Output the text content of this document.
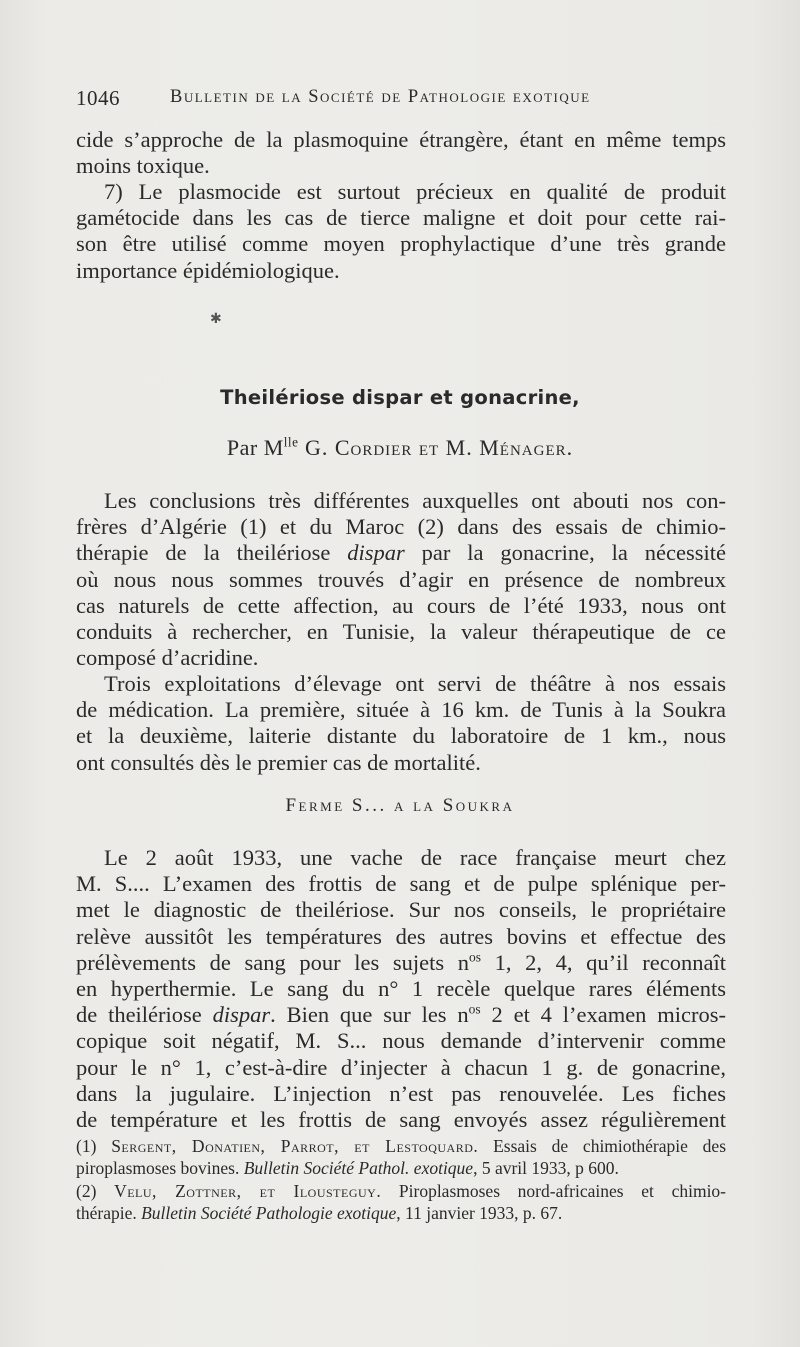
1046	Bulletin de la Société de Pathologie exotique

cide s’approche de la plasmoquine étrangère, étant en même temps
moins toxique.

7) Le plasmocide est surtout précieux en qualité de produit
gamétocide dans les cas de tierce maligne et doit pour cette rai-
son être utilisé comme moyen prophylactique d’une très grande
importance épidémiologique.

✱
Theilériose dispar et gonacrine,
Par $M^{lle}$ G. Cordier et M. Ménager.

Les conclusions très différentes auxquelles ont abouti nos con-
frères d’Algérie (1) et du Maroc (2) dans des essais de chimio-
thérapie de la theilériose dispar par la gonacrine, la nécessité
où nous nous sommes trouvés d’agir en présence de nombreux
cas naturels de cette affection, au cours de l’été 1933, nous ont
conduits à rechercher, en Tunisie, la valeur thérapeutique de ce
composé d’acridine.

Trois exploitations d’élevage ont servi de théâtre à nos essais
de médication. La première, située à 16 km. de Tunis à la Soukra
et la deuxième, laiterie distante du laboratoire de 1 km., nous
ont consultés dès le premier cas de mortalité.

Ferme S... a la Soukra

Le 2 août 1933, une vache de race française meurt chez
M. S.... L’examen des frottis de sang et de pulpe splénique per-
met le diagnostic de theilériose. Sur nos conseils, le propriétaire
relève aussitôt les températures des autres bovins et effectue des
prélèvements de sang pour les sujets $n^{os}$ 1, 2, 4, qu’il reconnaît
en hyperthermie. Le sang du n° 1 recèle quelque rares éléments
de theilériose dispar. Bien que sur les $n^{os}$ 2 et 4 l’examen micros-
copique soit négatif, M. S... nous demande d’intervenir comme
pour le n° 1, c’est-à-dire d’injecter à chacun 1 g. de gonacrine,
dans la jugulaire. L’injection n’est pas renouvelée. Les fiches
de température et les frottis de sang envoyés assez régulièrement

(1) Sergent, Donatien, Parrot, et Lestoquard. Essais de chimiothérapie des
piroplasmoses bovines. Bulletin Société Pathol. exotique, 5 avril 1933, p 600.
(2) Velu, Zottner, et Ilousteguy. Piroplasmoses nord-africaines et chimio-
thérapie. Bulletin Société Pathologie exotique, 11 janvier 1933, p. 67.
